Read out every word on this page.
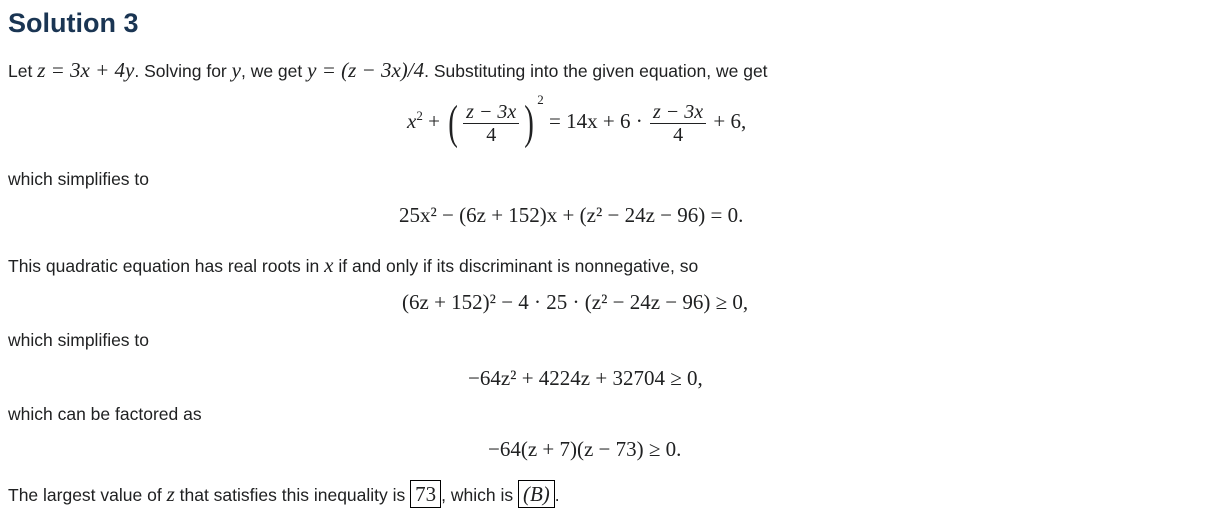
Solution 3
Let z = 3x + 4y. Solving for y, we get y = (z − 3x)/4. Substituting into the given equation, we get
$x^2$ + ( $\frac{z - 3x}{4}$ ) $^2 = 14x + 6 \cdot \frac{z - 3x}{4} + 6$,
which simplifies to
25x² − (6z + 152)x + (z² − 24z − 96) = 0.
This quadratic equation has real roots in x if and only if its discriminant is nonnegative, so
(6z + 152)² − 4 · 25 · (z² − 24z − 96) ≥ 0,
which simplifies to
−64z² + 4224z + 32704 ≥ 0,
which can be factored as
−64(z + 7)(z − 73) ≥ 0.
The largest value of z that satisfies this inequality is 73 , which is (B) .
